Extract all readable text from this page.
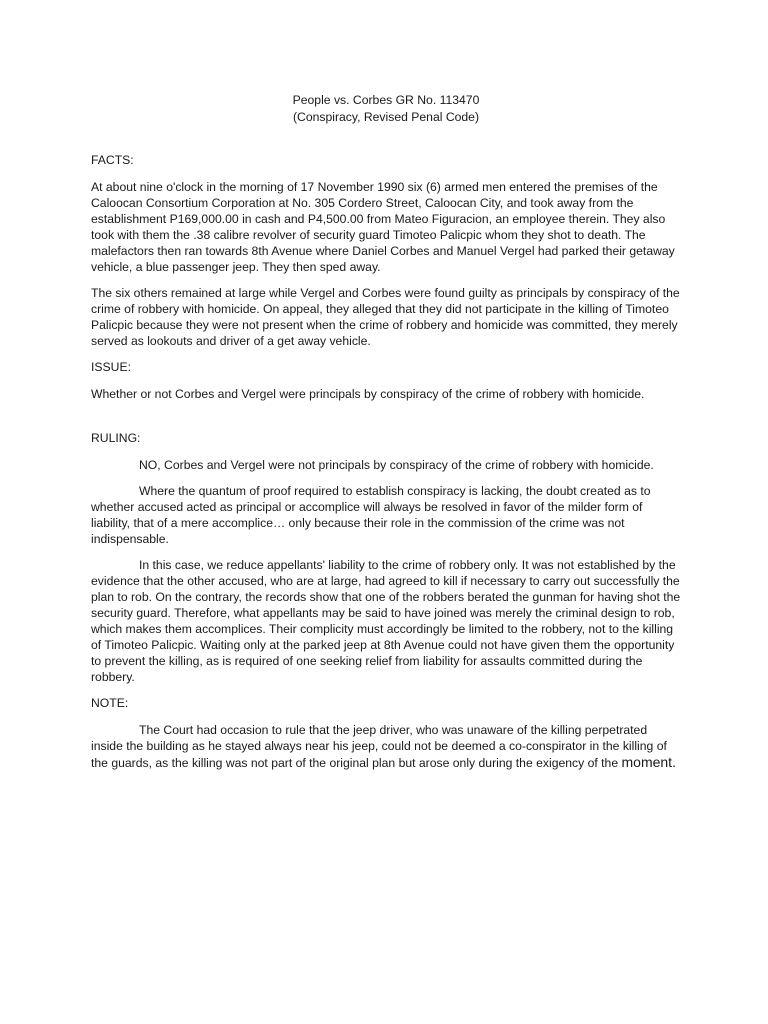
People vs. Corbes GR No. 113470
(Conspiracy, Revised Penal Code)
FACTS:

At about nine o'clock in the morning of 17 November 1990 six (6) armed men entered the premises of the Caloocan Consortium Corporation at No. 305 Cordero Street, Caloocan City, and took away from the establishment P169,000.00 in cash and P4,500.00 from Mateo Figuracion, an employee therein. They also took with them the .38 calibre revolver of security guard Timoteo Palicpic whom they shot to death. The malefactors then ran towards 8th Avenue where Daniel Corbes and Manuel Vergel had parked their getaway vehicle, a blue passenger jeep. They then sped away.

The six others remained at large while Vergel and Corbes were found guilty as principals by conspiracy of the crime of robbery with homicide. On appeal, they alleged that they did not participate in the killing of Timoteo Palicpic because they were not present when the crime of robbery and homicide was committed, they merely served as lookouts and driver of a get away vehicle.

ISSUE:

Whether or not Corbes and Vergel were principals by conspiracy of the crime of robbery with homicide.

RULING:

NO, Corbes and Vergel were not principals by conspiracy of the crime of robbery with homicide.

Where the quantum of proof required to establish conspiracy is lacking, the doubt created as to whether accused acted as principal or accomplice will always be resolved in favor of the milder form of liability, that of a mere accomplice… only because their role in the commission of the crime was not indispensable.

In this case, we reduce appellants' liability to the crime of robbery only. It was not established by the evidence that the other accused, who are at large, had agreed to kill if necessary to carry out successfully the plan to rob. On the contrary, the records show that one of the robbers berated the gunman for having shot the security guard. Therefore, what appellants may be said to have joined was merely the criminal design to rob, which makes them accomplices. Their complicity must accordingly be limited to the robbery, not to the killing of Timoteo Palicpic. Waiting only at the parked jeep at 8th Avenue could not have given them the opportunity to prevent the killing, as is required of one seeking relief from liability for assaults committed during the robbery.

NOTE:

The Court had occasion to rule that the jeep driver, who was unaware of the killing perpetrated inside the building as he stayed always near his jeep, could not be deemed a co-conspirator in the killing of the guards, as the killing was not part of the original plan but arose only during the exigency of the moment.
